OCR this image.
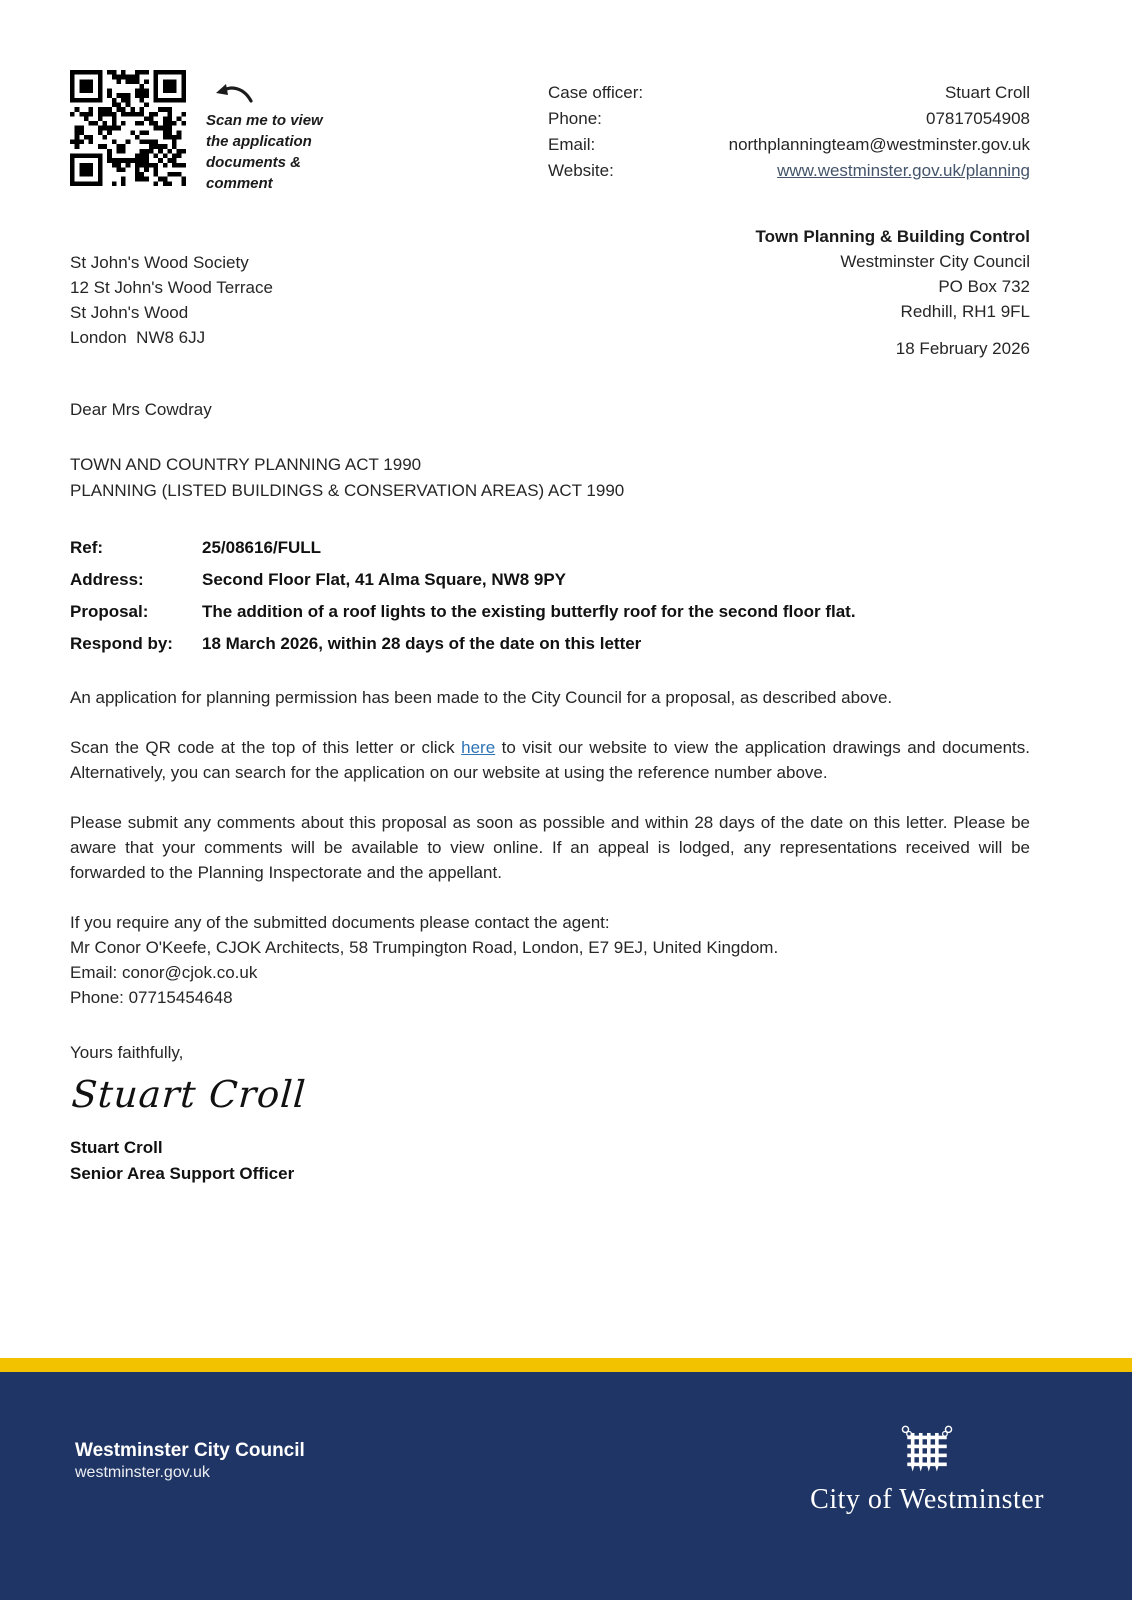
Scan me to view the application documents & comment
Case officer:	Stuart Croll
Phone:	07817054908
Email:	northplanningteam@westminster.gov.uk
Website:	www.westminster.gov.uk/planning
St John's Wood Society
12 St John's Wood Terrace
St John's Wood
London  NW8 6JJ
Town Planning & Building Control
Westminster City Council
PO Box 732
Redhill, RH1 9FL
18 February 2026
Dear Mrs Cowdray
TOWN AND COUNTRY PLANNING ACT 1990
PLANNING (LISTED BUILDINGS & CONSERVATION AREAS) ACT 1990
Ref:	25/08616/FULL
Address:	Second Floor Flat, 41 Alma Square, NW8 9PY
Proposal:	The addition of a roof lights to the existing butterfly roof for the second floor flat.
Respond by:	18 March 2026, within 28 days of the date on this letter

An application for planning permission has been made to the City Council for a proposal, as described above.

Scan the QR code at the top of this letter or click here to visit our website to view the application drawings and documents. Alternatively, you can search for the application on our website at using the reference number above.

Please submit any comments about this proposal as soon as possible and within 28 days of the date on this letter. Please be aware that your comments will be available to view online. If an appeal is lodged, any representations received will be forwarded to the Planning Inspectorate and the appellant.

If you require any of the submitted documents please contact the agent:
Mr Conor O'Keefe, CJOK Architects, 58 Trumpington Road, London, E7 9EJ, United Kingdom.
Email: conor@cjok.co.uk
Phone: 07715454648
Yours faithfully,
Stuart Croll
Stuart Croll
Senior Area Support Officer
Westminster City Council
westminster.gov.uk
City of Westminster
